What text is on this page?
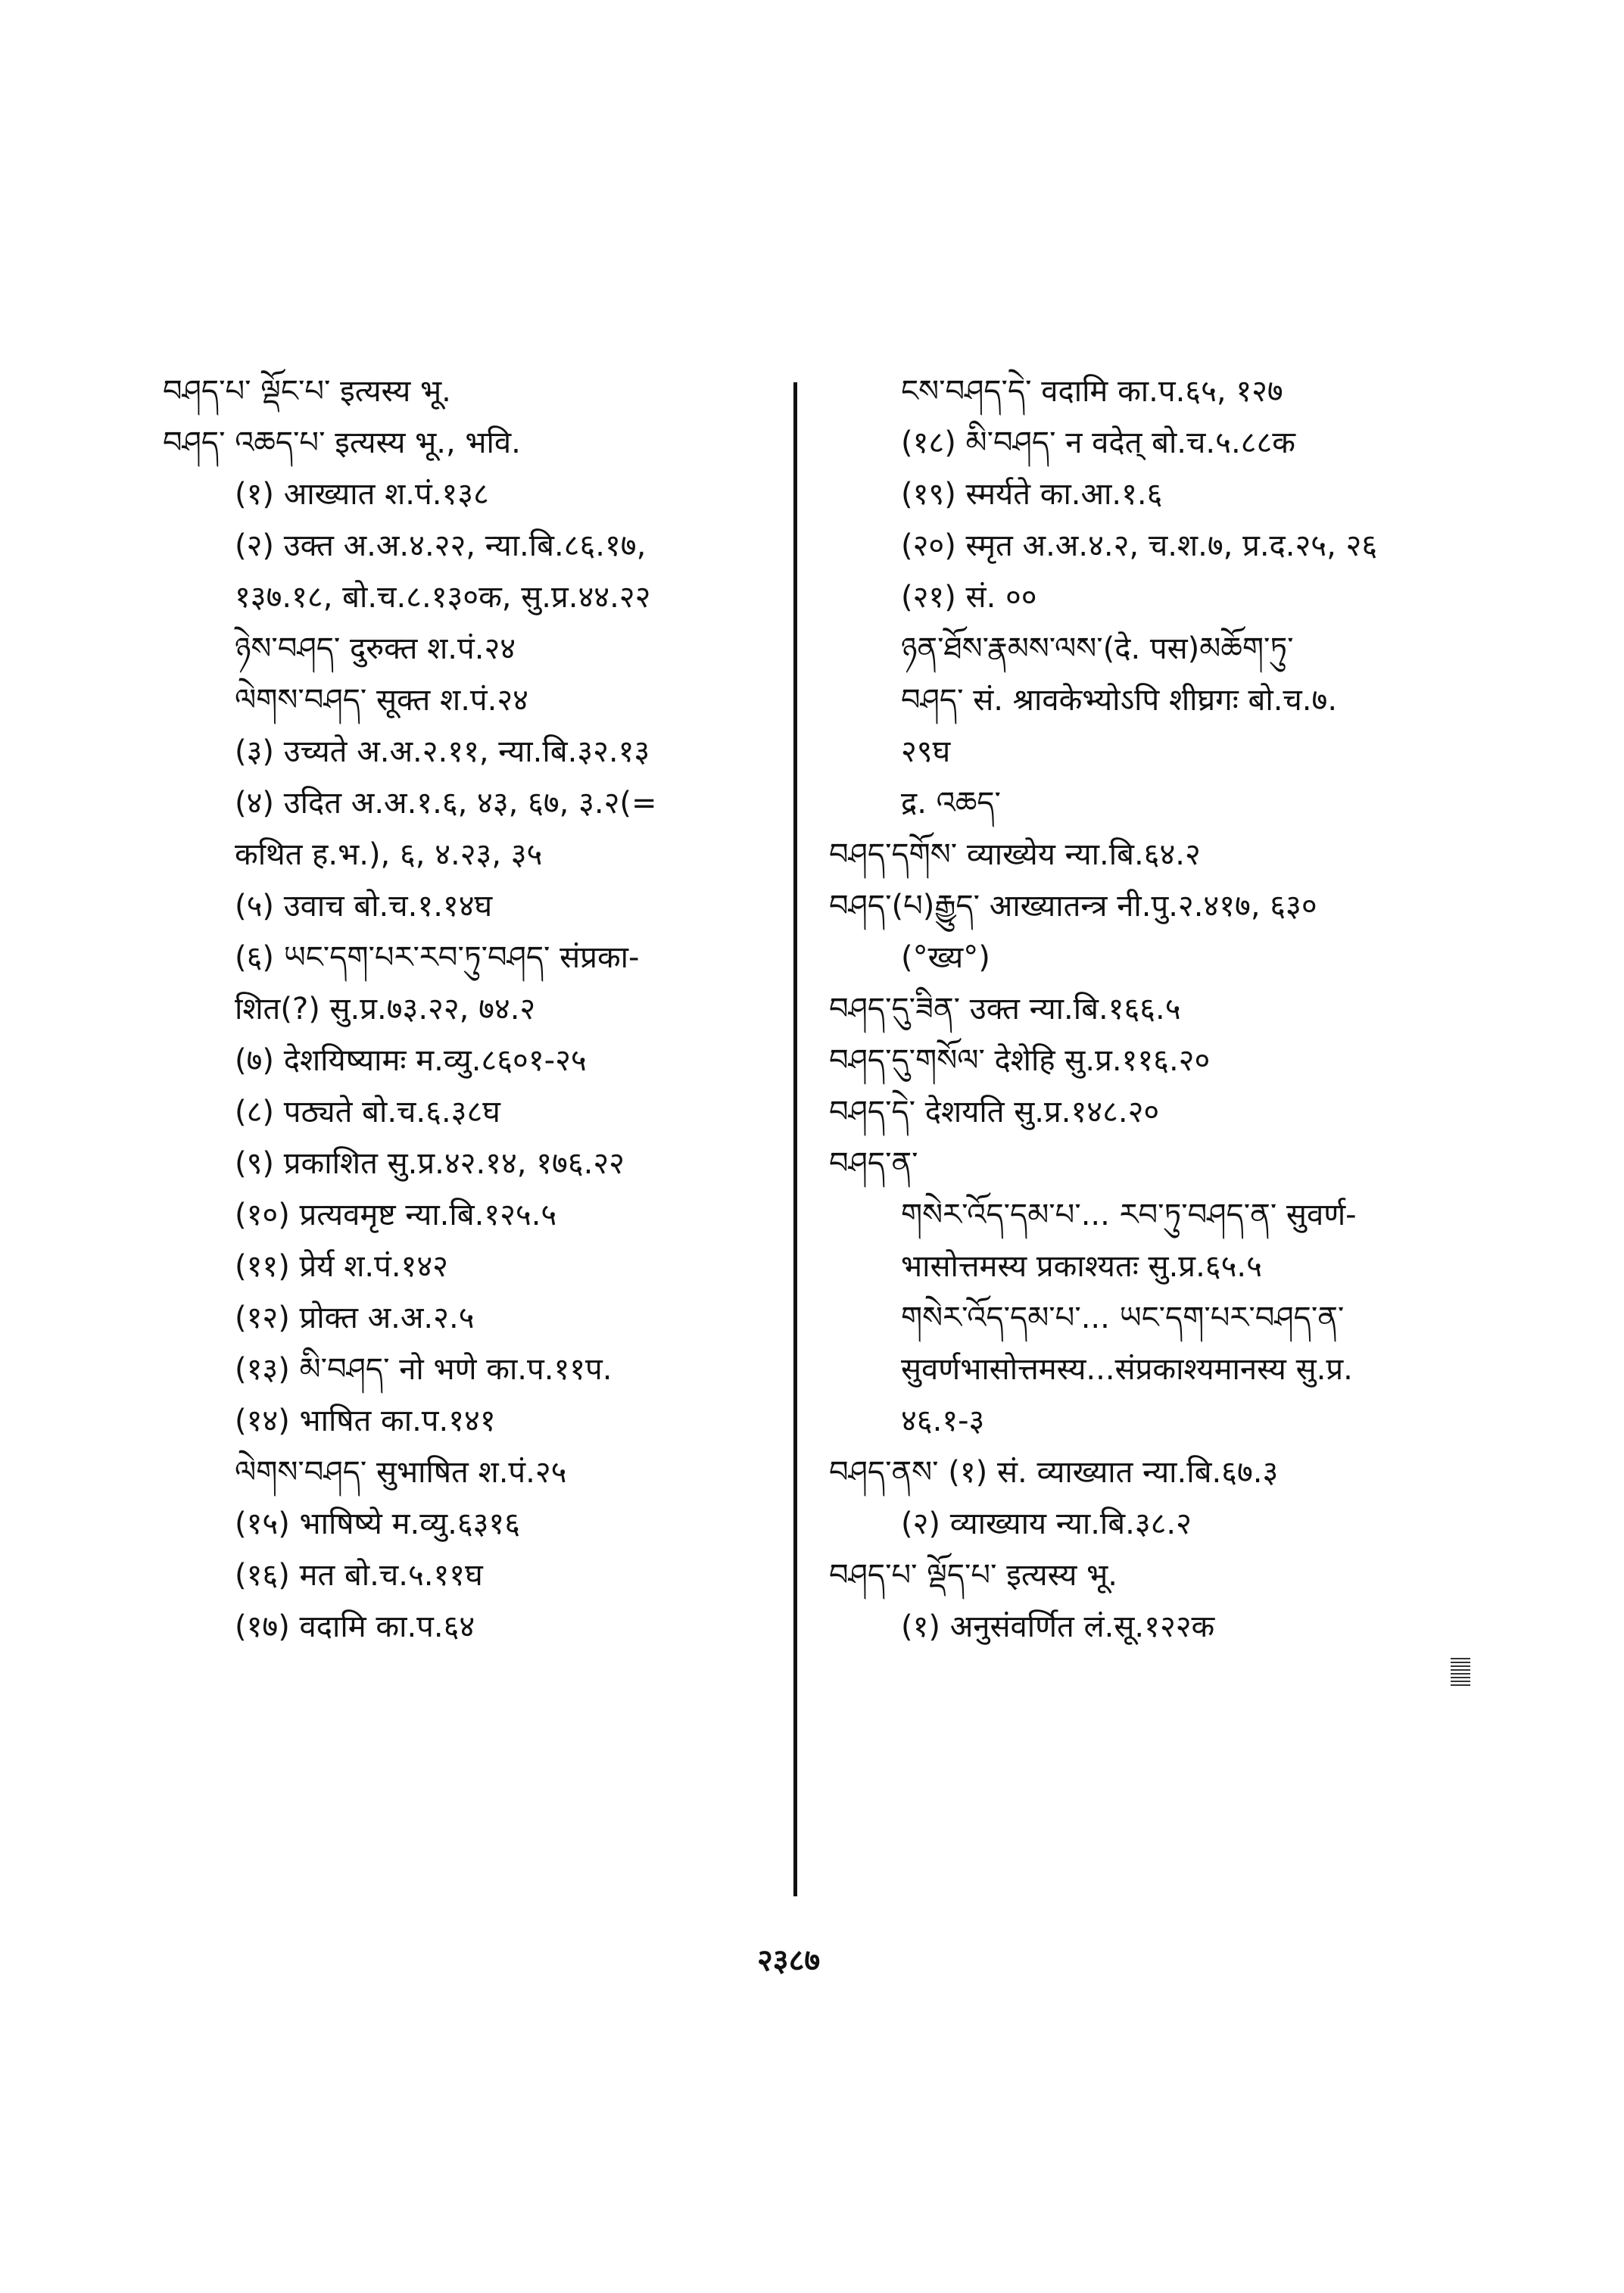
བཤད་པ་ ལྡོང་པ་ इत्यस्य भू.
བཤད་ འཆད་པ་ इत्यस्य भू., भवि.
(१) आख्यात श.पं.१३८
(२) उक्त अ.अ.४.२२, न्या.बि.८६.१७,
१३७.१८, बो.च.८.१३०क, सु.प्र.४४.२२
ཉེས་བཤད་ दुरुक्त श.पं.२४
ལེགས་བཤད་ सूक्त श.पं.२४
(३) उच्यते अ.अ.२.११, न्या.बि.३२.१३
(४) उदित अ.अ.१.६, ४३, ६७, ३.२(=
कथित ह.भ.), ६, ४.२३, ३५
(५) उवाच बो.च.१.१४घ
(६) ཡང་དག་པར་རབ་ཏུ་བཤད་ संप्रका-
शित(?) सु.प्र.७३.२२, ७४.२
(७) देशयिष्यामः म.व्यु.८६०१-२५
(८) पठ्यते बो.च.६.३८घ
(९) प्रकाशित सु.प्र.४२.१४, १७६.२२
(१०) प्रत्यवमृष्ट न्या.बि.१२५.५
(११) प्रेर्य श.पं.१४२
(१२) प्रोक्त अ.अ.२.५
(१३) མི་བཤད་ नो भणे का.प.११प.
(१४) भाषित का.प.१४१
ལེགས་བཤད་ सुभाषित श.पं.२५
(१५) भाषिष्ये म.व्यु.६३१६
(१६) मत बो.च.५.११घ
(१७) वदामि का.प.६४
ངས་བཤད་དེ་ वदामि का.प.६५, १२७
(१८) མི་བཤད་ न वदेत् बो.च.५.८८क
(१९) स्मर्यते का.आ.१.६
(२०) स्मृत अ.अ.४.२, च.श.७, प्र.द.२५, २६
(२१) सं. ००
ཉན་ཐོས་རྣམས་ལས་(दे. पस)མཆོག་ཏུ་
བཤད་ सं. श्रावकेभ्योऽपि शीघ्रगः बो.च.७.
२९घ
द्र. འཆད་
བཤད་དགོས་ व्याख्येय न्या.बि.६४.२
བཤད་(པ)རྒྱུད་ आख्यातन्त्र नी.पु.२.४१७, ६३०
(°ख्य°)
བཤད་དུ་ཟིན་ उक्त न्या.बि.१६६.५
བཤད་དུ་གསོལ་ देशेहि सु.प्र.११६.२०
བཤད་དེ་ देशयति सु.प्र.१४८.२०
བཤད་ན་
གསེར་འོད་དམ་པ་... རབ་ཏུ་བཤད་ན་ सुवर्ण-
भासोत्तमस्य प्रकाश्यतः सु.प्र.६५.५
གསེར་འོད་དམ་པ་... ཡང་དག་པར་བཤད་ན་
सुवर्णभासोत्तमस्य...संप्रकाश्यमानस्य सु.प्र.
४६.१-३
བཤད་ནས་ (१) सं. व्याख्यात न्या.बि.६७.३
(२) व्याख्याय न्या.बि.३८.२
བཤད་པ་ ལྡོད་པ་ इत्यस्य भू.
(१) अनुसंवर्णित लं.सू.१२२क
२३८७
